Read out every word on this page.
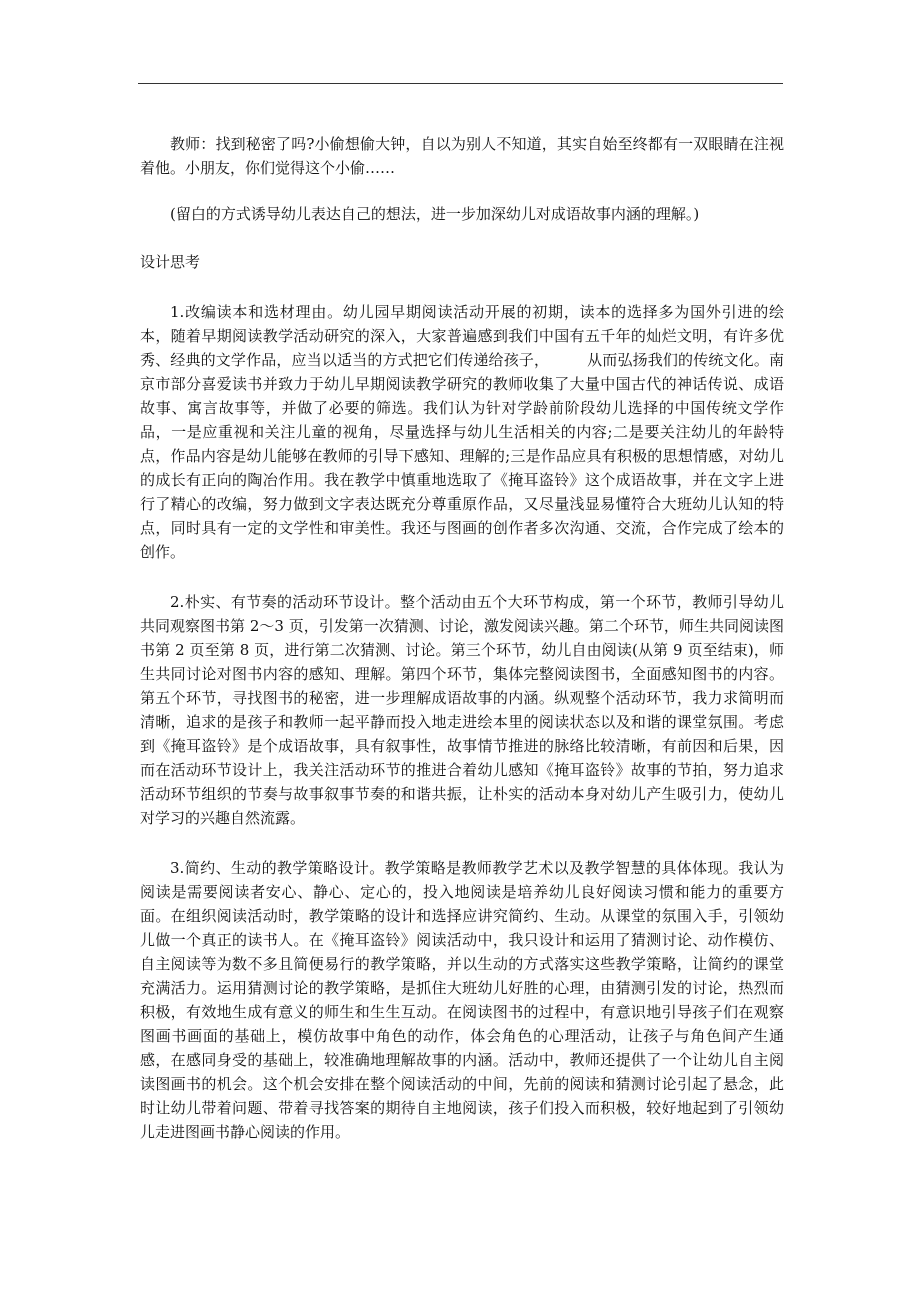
教师：找到秘密了吗?小偷想偷大钟，自以为别人不知道，其实自始至终都有一双眼睛在注视着他。小朋友，你们觉得这个小偷……

(留白的方式诱导幼儿表达自己的想法，进一步加深幼儿对成语故事内涵的理解。)

设计思考

1.改编读本和选材理由。幼儿园早期阅读活动开展的初期，读本的选择多为国外引进的绘本，随着早期阅读教学活动研究的深入，大家普遍感到我们中国有五千年的灿烂文明，有许多优秀、经典的文学作品，应当以适当的方式把它们传递给孩子，　　　从而弘扬我们的传统文化。南京市部分喜爱读书并致力于幼儿早期阅读教学研究的教师收集了大量中国古代的神话传说、成语故事、寓言故事等，并做了必要的筛选。我们认为针对学龄前阶段幼儿选择的中国传统文学作品，一是应重视和关注儿童的视角，尽量选择与幼儿生活相关的内容;二是要关注幼儿的年龄特点，作品内容是幼儿能够在教师的引导下感知、理解的;三是作品应具有积极的思想情感，对幼儿的成长有正向的陶冶作用。我在教学中慎重地选取了《掩耳盗铃》这个成语故事，并在文字上进行了精心的改编，努力做到文字表达既充分尊重原作品，又尽量浅显易懂符合大班幼儿认知的特点，同时具有一定的文学性和审美性。我还与图画的创作者多次沟通、交流，合作完成了绘本的创作。

2.朴实、有节奏的活动环节设计。整个活动由五个大环节构成，第一个环节，教师引导幼儿共同观察图书第 2～3 页，引发第一次猜测、讨论，激发阅读兴趣。第二个环节，师生共同阅读图书第 2 页至第 8 页，进行第二次猜测、讨论。第三个环节，幼儿自由阅读(从第 9 页至结束)，师生共同讨论对图书内容的感知、理解。第四个环节，集体完整阅读图书，全面感知图书的内容。第五个环节，寻找图书的秘密，进一步理解成语故事的内涵。纵观整个活动环节，我力求简明而清晰，追求的是孩子和教师一起平静而投入地走进绘本里的阅读状态以及和谐的课堂氛围。考虑到《掩耳盗铃》是个成语故事，具有叙事性，故事情节推进的脉络比较清晰，有前因和后果，因而在活动环节设计上，我关注活动环节的推进合着幼儿感知《掩耳盗铃》故事的节拍，努力追求活动环节组织的节奏与故事叙事节奏的和谐共振，让朴实的活动本身对幼儿产生吸引力，使幼儿对学习的兴趣自然流露。

3.简约、生动的教学策略设计。教学策略是教师教学艺术以及教学智慧的具体体现。我认为阅读是需要阅读者安心、静心、定心的，投入地阅读是培养幼儿良好阅读习惯和能力的重要方面。在组织阅读活动时，教学策略的设计和选择应讲究简约、生动。从课堂的氛围入手，引领幼儿做一个真正的读书人。在《掩耳盗铃》阅读活动中，我只设计和运用了猜测讨论、动作模仿、自主阅读等为数不多且简便易行的教学策略，并以生动的方式落实这些教学策略，让简约的课堂充满活力。运用猜测讨论的教学策略，是抓住大班幼儿好胜的心理，由猜测引发的讨论，热烈而积极，有效地生成有意义的师生和生生互动。在阅读图书的过程中，有意识地引导孩子们在观察图画书画面的基础上，模仿故事中角色的动作，体会角色的心理活动，让孩子与角色间产生通感，在感同身受的基础上，较准确地理解故事的内涵。活动中，教师还提供了一个让幼儿自主阅读图画书的机会。这个机会安排在整个阅读活动的中间，先前的阅读和猜测讨论引起了悬念，此时让幼儿带着问题、带着寻找答案的期待自主地阅读，孩子们投入而积极，较好地起到了引领幼儿走进图画书静心阅读的作用。
